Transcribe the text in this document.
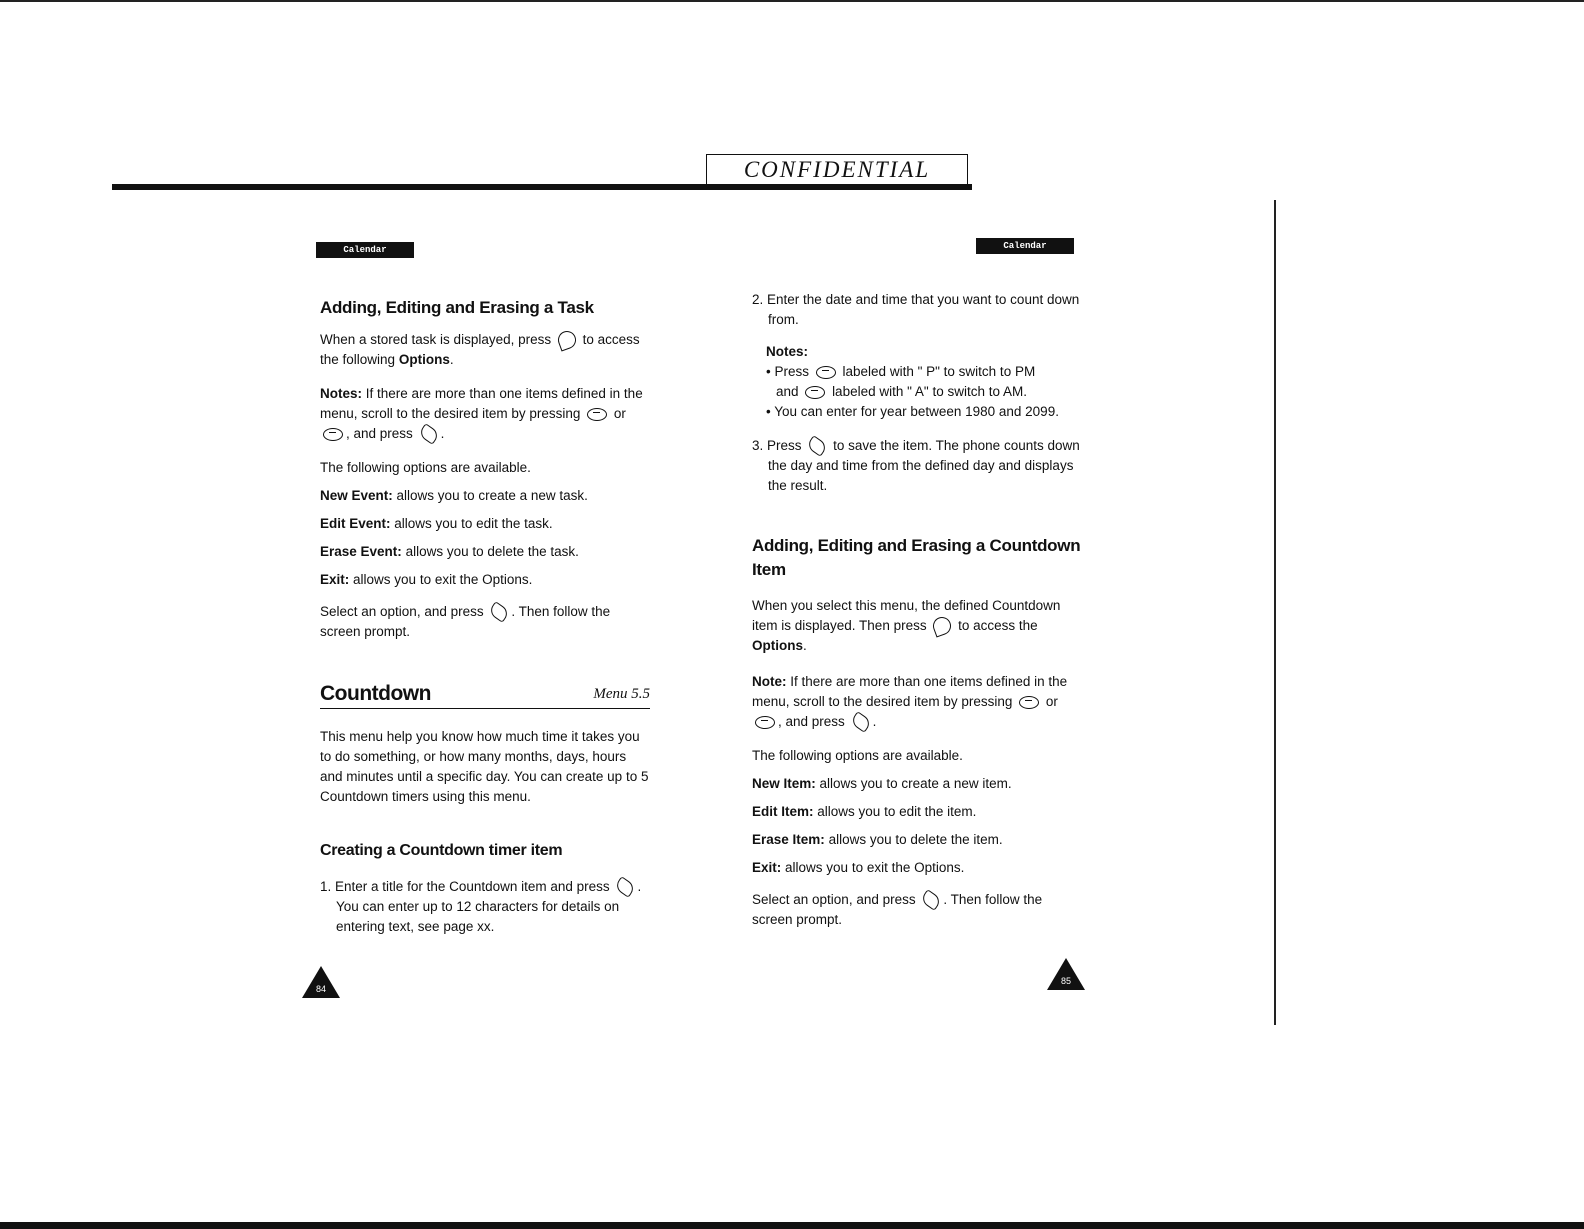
CONFIDENTIAL
Calendar	Calendar
Adding, Editing and Erasing a Task

When a stored task is displayed, press to access the following Options.

Notes: If there are more than one items defined in the menu, scroll to the desired item by pressing or , and press .

The following options are available.

New Event: allows you to create a new task.

Edit Event: allows you to edit the task.

Erase Event: allows you to delete the task.

Exit: allows you to exit the Options.

Select an option, and press . Then follow the screen prompt.

Countdown	Menu 5.5

This menu help you know how much time it takes you to do something, or how many months, days, hours and minutes until a specific day. You can create up to 5 Countdown timers using this menu.

Creating a Countdown timer item

1. Enter a title for the Countdown item and press . You can enter up to 12 characters for details on entering text, see page xx.

2. Enter the date and time that you want to count down from.

Notes:

• Press labeled with " P" to switch to PM

and labeled with " A" to switch to AM.

• You can enter for year between 1980 and 2099.

3. Press to save the item. The phone counts down the day and time from the defined day and displays the result.

Adding, Editing and Erasing a Countdown Item

When you select this menu, the defined Countdown item is displayed. Then press to access the Options.

Note: If there are more than one items defined in the menu, scroll to the desired item by pressing or , and press .

The following options are available.

New Item: allows you to create a new item.

Edit Item: allows you to edit the item.

Erase Item: allows you to delete the item.

Exit: allows you to exit the Options.

Select an option, and press . Then follow the screen prompt.

84
85
